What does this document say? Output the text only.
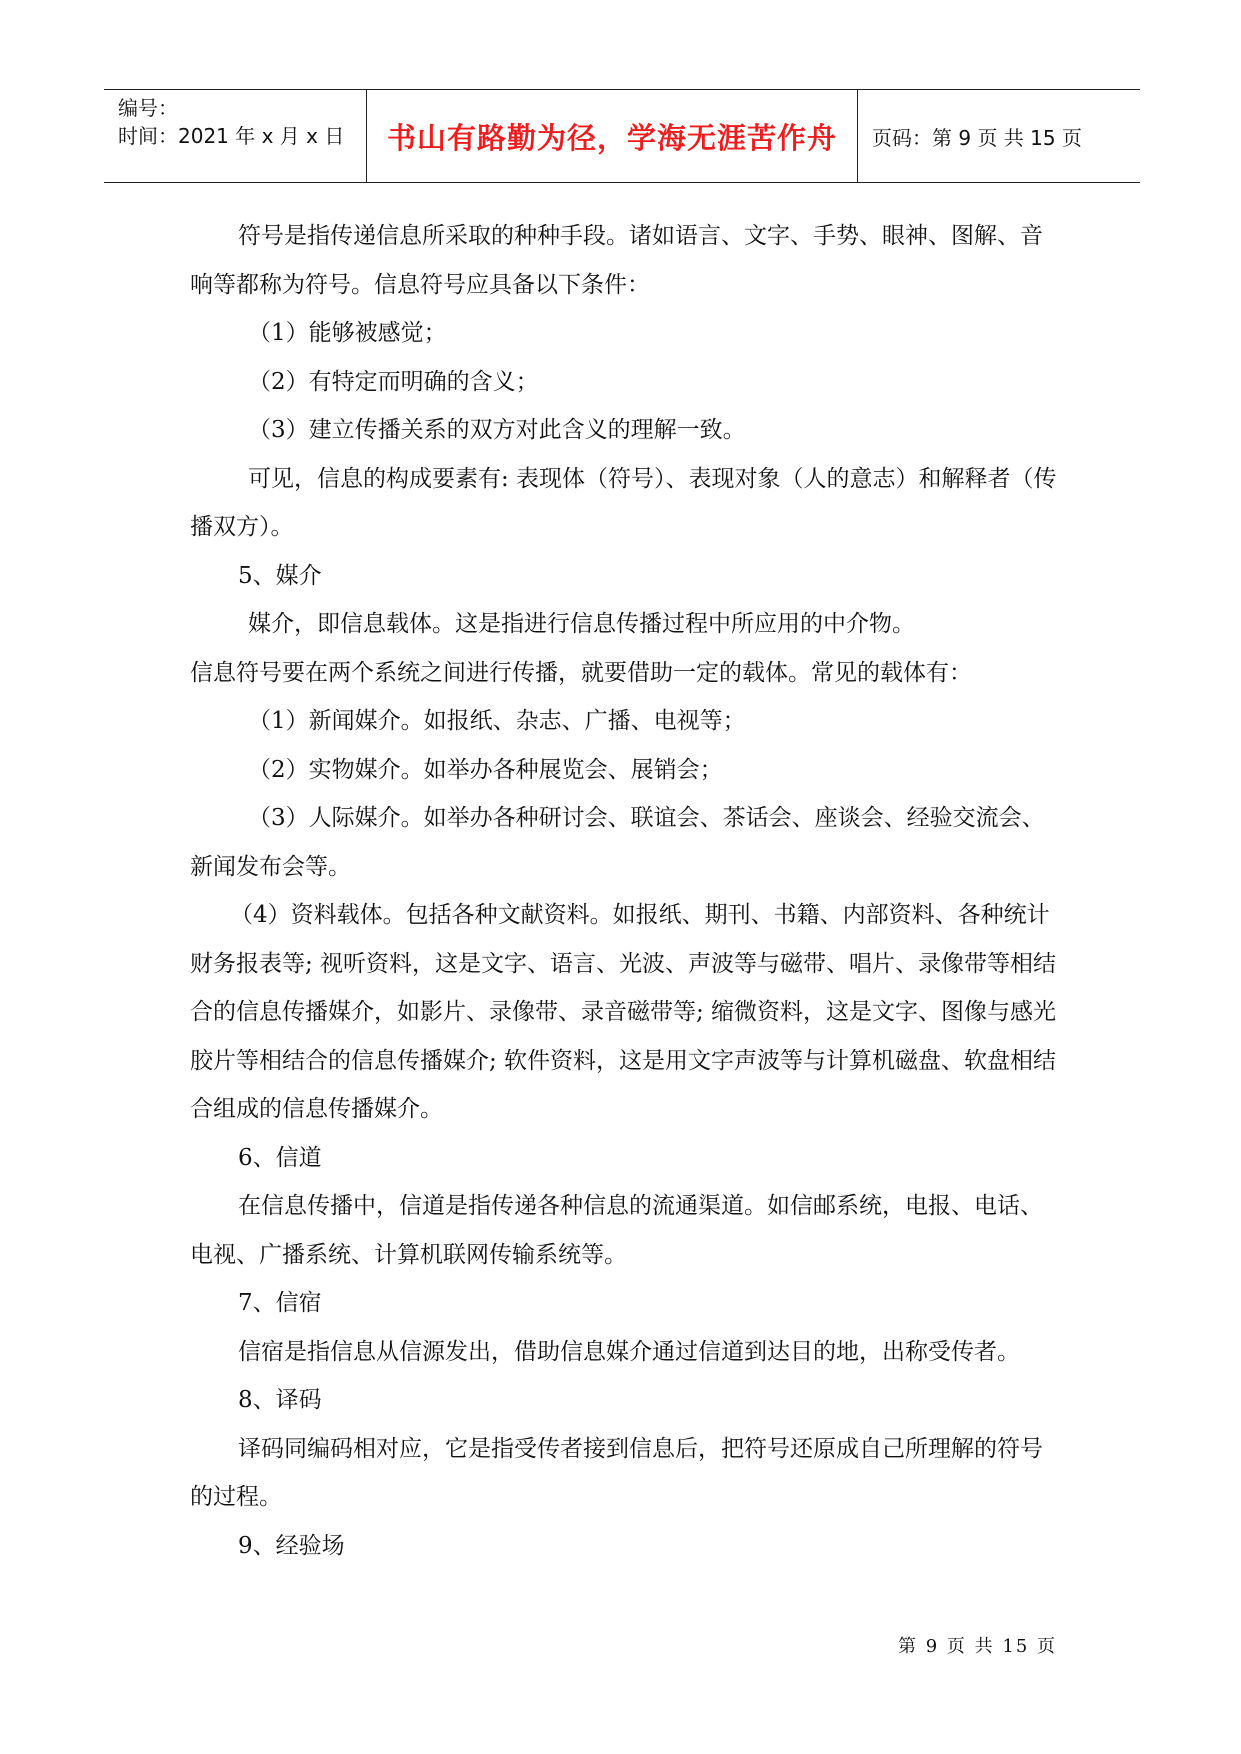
编号：
时间：2021 年 x 月 x 日	书山有路勤为径，学海无涯苦作舟	页码：第 9 页 共 15 页

符号是指传递信息所采取的种种手段。诸如语言、文字、手势、眼神、图解、音响等都称为符号。信息符号应具备以下条件：

（1）能够被感觉；

（2）有特定而明确的含义；

（3）建立传播关系的双方对此含义的理解一致。

可见，信息的构成要素有: 表现体（符号）、表现对象（人的意志）和解释者（传播双方）。

5、媒介

媒介，即信息载体。这是指进行信息传播过程中所应用的中介物。

信息符号要在两个系统之间进行传播，就要借助一定的载体。常见的载体有：

（1）新闻媒介。如报纸、杂志、广播、电视等；

（2）实物媒介。如举办各种展览会、展销会；

（3）人际媒介。如举办各种研讨会、联谊会、茶话会、座谈会、经验交流会、新闻发布会等。

（4）资料载体。包括各种文献资料。如报纸、期刊、书籍、内部资料、各种统计财务报表等; 视听资料，这是文字、语言、光波、声波等与磁带、唱片、录像带等相结合的信息传播媒介，如影片、录像带、录音磁带等; 缩微资料，这是文字、图像与感光胶片等相结合的信息传播媒介; 软件资料，这是用文字声波等与计算机磁盘、软盘相结合组成的信息传播媒介。

6、信道

在信息传播中，信道是指传递各种信息的流通渠道。如信邮系统，电报、电话、电视、广播系统、计算机联网传输系统等。

7、信宿

信宿是指信息从信源发出，借助信息媒介通过信道到达目的地，出称受传者。

8、译码

译码同编码相对应，它是指受传者接到信息后，把符号还原成自己所理解的符号的过程。

9、经验场

第 9 页 共 15 页
